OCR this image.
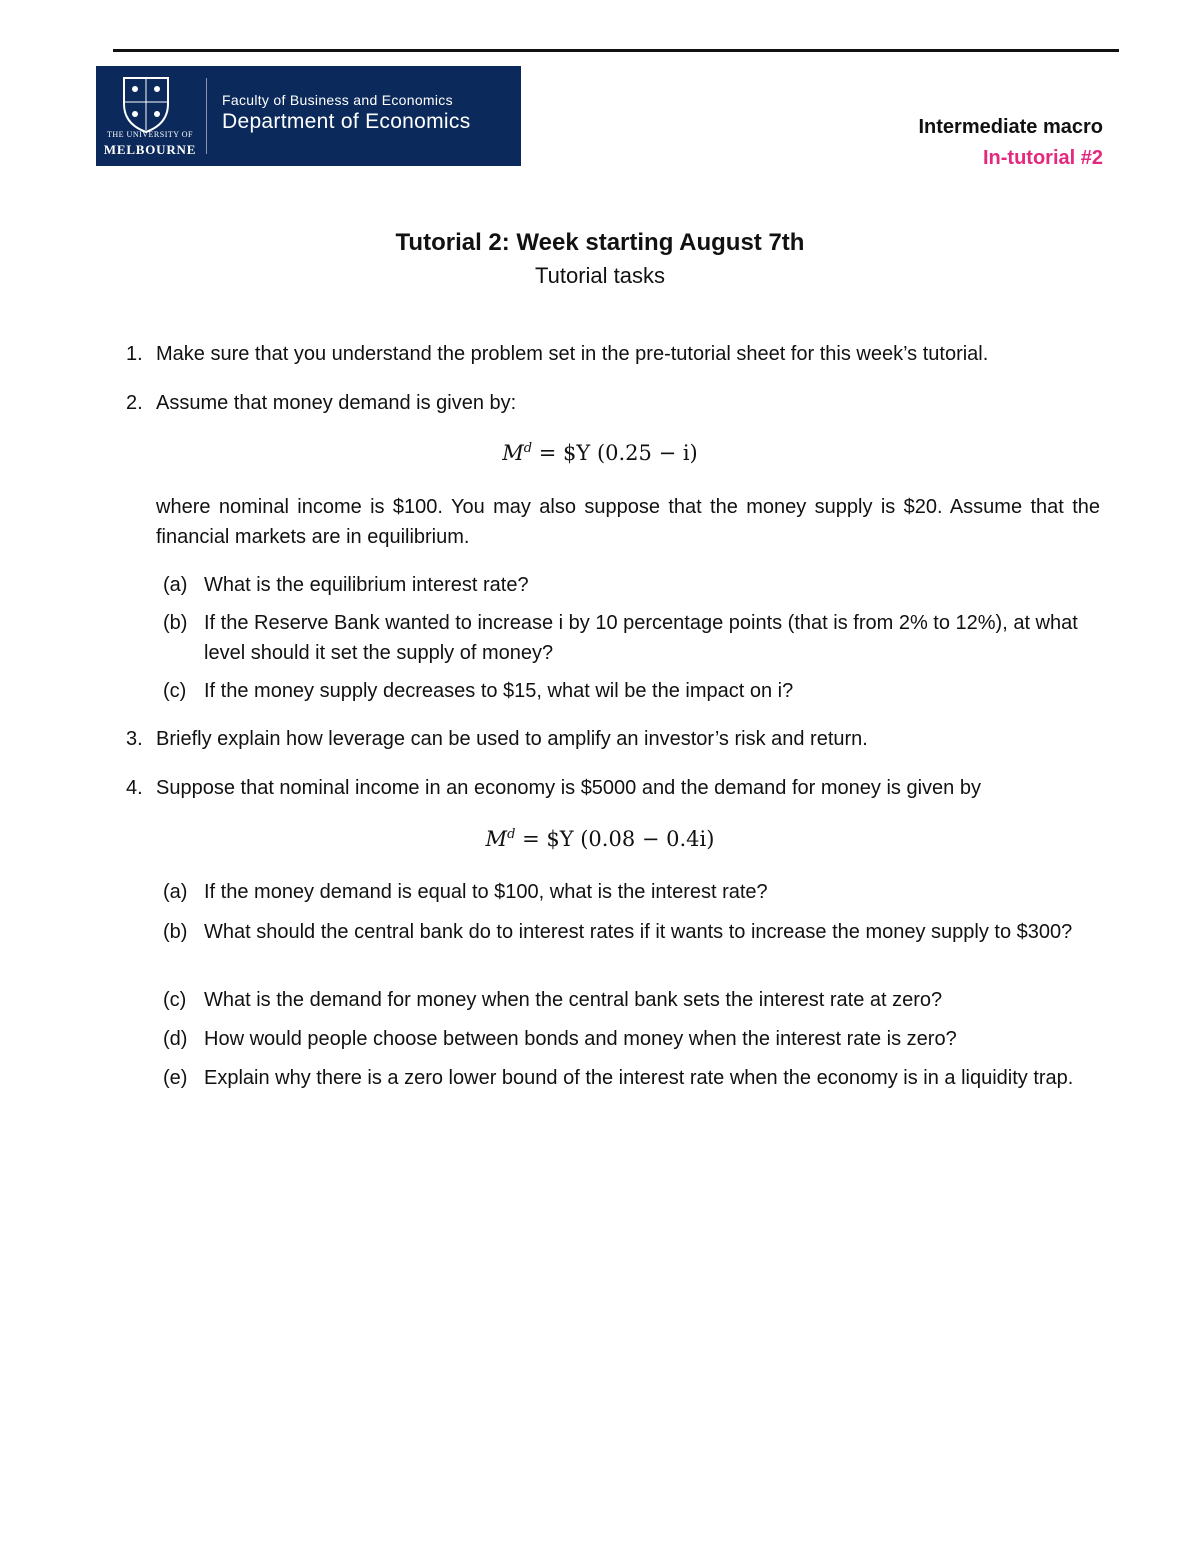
THE UNIVERSITY OF
MELBOURNE
Faculty of Business and Economics
Department of Economics	Intermediate macro
In-tutorial #2
Tutorial 2: Week starting August 7th
Tutorial tasks
1. Make sure that you understand the problem set in the pre-tutorial sheet for this week’s tutorial.
2. Assume that money demand is given by:
$M^d$ = $Y (0.25 − i)
where nominal income is $100. You may also suppose that the money supply is $20. Assume that the financial markets are in equilibrium.
(a) What is the equilibrium interest rate?
(b) If the Reserve Bank wanted to increase i by 10 percentage points (that is from 2% to 12%), at what level should it set the supply of money?
(c) If the money supply decreases to $15, what wil be the impact on i?
3. Briefly explain how leverage can be used to amplify an investor’s risk and return.
4. Suppose that nominal income in an economy is $5000 and the demand for money is given by
$M^d$ = $Y (0.08 − 0.4i)
(a) If the money demand is equal to $100, what is the interest rate?
(b) What should the central bank do to interest rates if it wants to increase the money supply to $300?
(c) What is the demand for money when the central bank sets the interest rate at zero?
(d) How would people choose between bonds and money when the interest rate is zero?
(e) Explain why there is a zero lower bound of the interest rate when the economy is in a liquidity trap.
